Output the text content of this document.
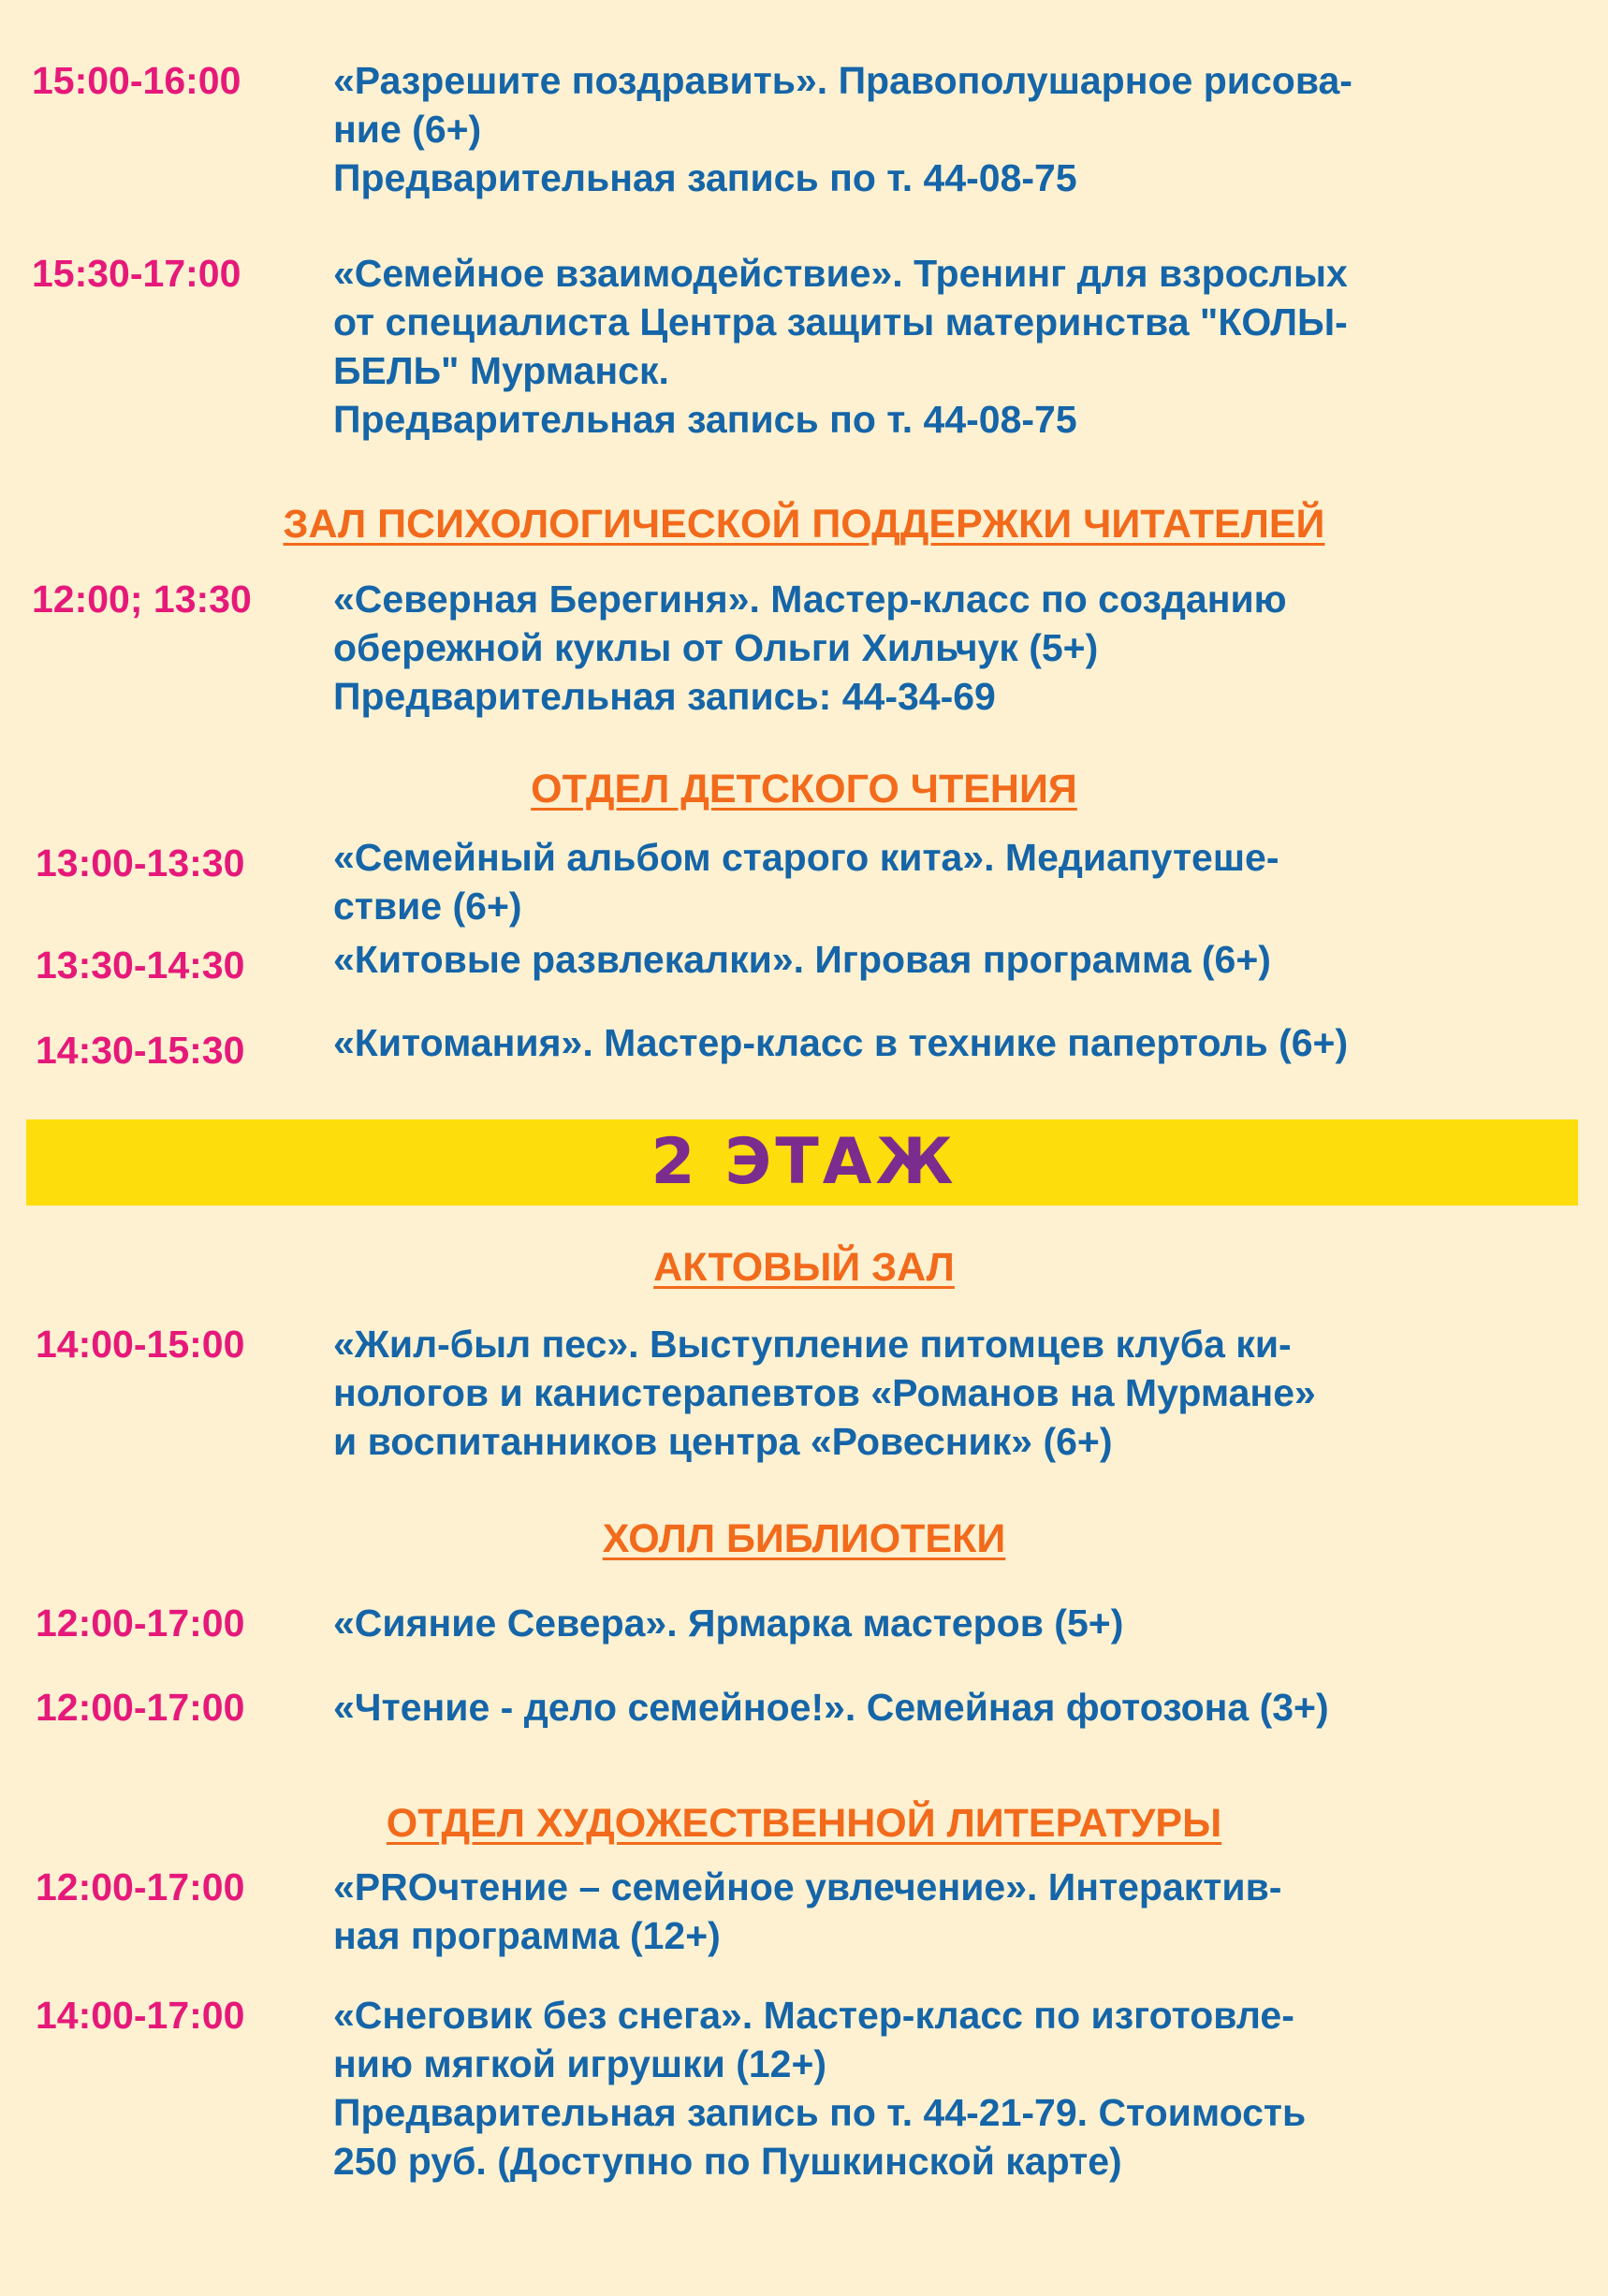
15:00-16:00	«Разрешите поздравить». Правополушарное рисова-
ние (6+)
Предварительная запись по т. 44-08-75
15:30-17:00	«Семейное взаимодействие». Тренинг для взрослых
от специалиста Центра защиты материнства "КОЛЫ-
БЕЛЬ" Мурманск.
Предварительная запись по т. 44-08-75
ЗАЛ ПСИХОЛОГИЧЕСКОЙ ПОДДЕРЖКИ ЧИТАТЕЛЕЙ
12:00; 13:30	«Северная Берегиня». Мастер-класс по созданию
обережной куклы от Ольги Хильчук (5+)
Предварительная запись: 44-34-69
ОТДЕЛ ДЕТСКОГО ЧТЕНИЯ
13:00-13:30	«Семейный альбом старого кита». Медиапутеше-
ствие (6+)
13:30-14:30	«Китовые развлекалки». Игровая программа (6+)
14:30-15:30	«Китомания». Мастер-класс в технике папертоль (6+)
2 ЭТАЖ
АКТОВЫЙ ЗАЛ
14:00-15:00	«Жил-был пес». Выступление питомцев клуба ки-
нологов и канистерапевтов «Романов на Мурмане»
и воспитанников центра «Ровесник» (6+)
ХОЛЛ БИБЛИОТЕКИ
12:00-17:00	«Сияние Севера». Ярмарка мастеров (5+)
12:00-17:00	«Чтение - дело семейное!». Семейная фотозона (3+)
ОТДЕЛ ХУДОЖЕСТВЕННОЙ ЛИТЕРАТУРЫ
12:00-17:00	«PROчтение – семейное увлечение». Интерактив-
ная программа (12+)
14:00-17:00	«Снеговик без снега». Мастер-класс по изготовле-
нию мягкой игрушки (12+)
Предварительная запись по т. 44-21-79. Стоимость
250 руб. (Доступно по Пушкинской карте)
